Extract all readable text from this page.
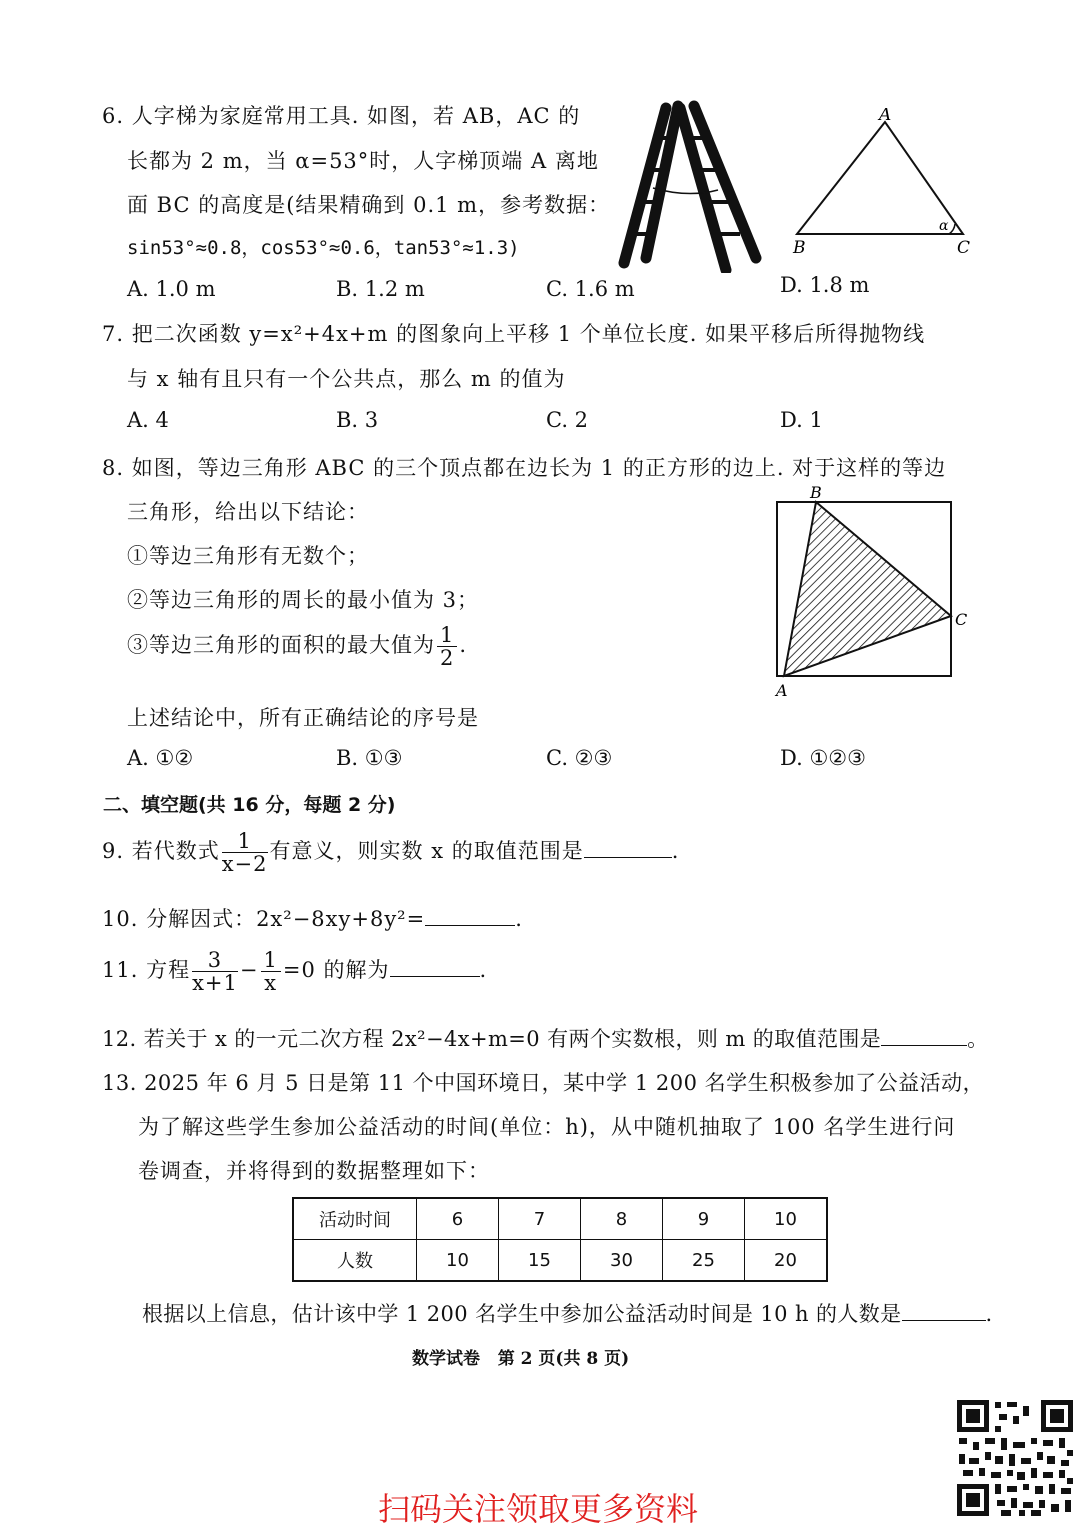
6. 人字梯为家庭常用工具. 如图，若 AB，AC 的
长都为 2 m，当 α=53°时，人字梯顶端 A 离地
面 BC 的高度是(结果精确到 0.1 m，参考数据：
sin53°≈0.8，cos53°≈0.6，tan53°≈1.3)
A
B	C
α
A. 1.0 m	B. 1.2 m	C. 1.6 m	D. 1.8 m
7. 把二次函数 y=x²+4x+m 的图象向上平移 1 个单位长度. 如果平移后所得抛物线
与 x 轴有且只有一个公共点，那么 m 的值为
A. 4	B. 3	C. 2	D. 1
8. 如图，等边三角形 ABC 的三个顶点都在边长为 1 的正方形的边上. 对于这样的等边
三角形，给出以下结论：
①等边三角形有无数个；
②等边三角形的周长的最小值为 3；
③等边三角形的面积的最大值为 $\frac{1}{2}$ .
B
C
A
上述结论中，所有正确结论的序号是
A. ①②	B. ①③	C. ②③	D. ①②③
二、填空题(共 16 分，每题 2 分)
9. 若代数式 $\frac{1}{x-2}$ 有意义，则实数 x 的取值范围是	.
10. 分解因式：2x²−8xy+8y²=	.
11. 方程 $\frac{3}{x+1} - \frac{1}{x} =0$ 的解为	.
12. 若关于 x 的一元二次方程 2x²−4x+m=0 有两个实数根，则 m 的取值范围是	。
13. 2025 年 6 月 5 日是第 11 个中国环境日，某中学 1 200 名学生积极参加了公益活动，
为了解这些学生参加公益活动的时间(单位：h)，从中随机抽取了 100 名学生进行问
卷调查，并将得到的数据整理如下：
活动时间	6	7	8	9	10
人数	10	15	30	25	20
根据以上信息，估计该中学 1 200 名学生中参加公益活动时间是 10 h 的人数是	.
数学试卷   第 2 页(共 8 页)
扫码关注领取更多资料
